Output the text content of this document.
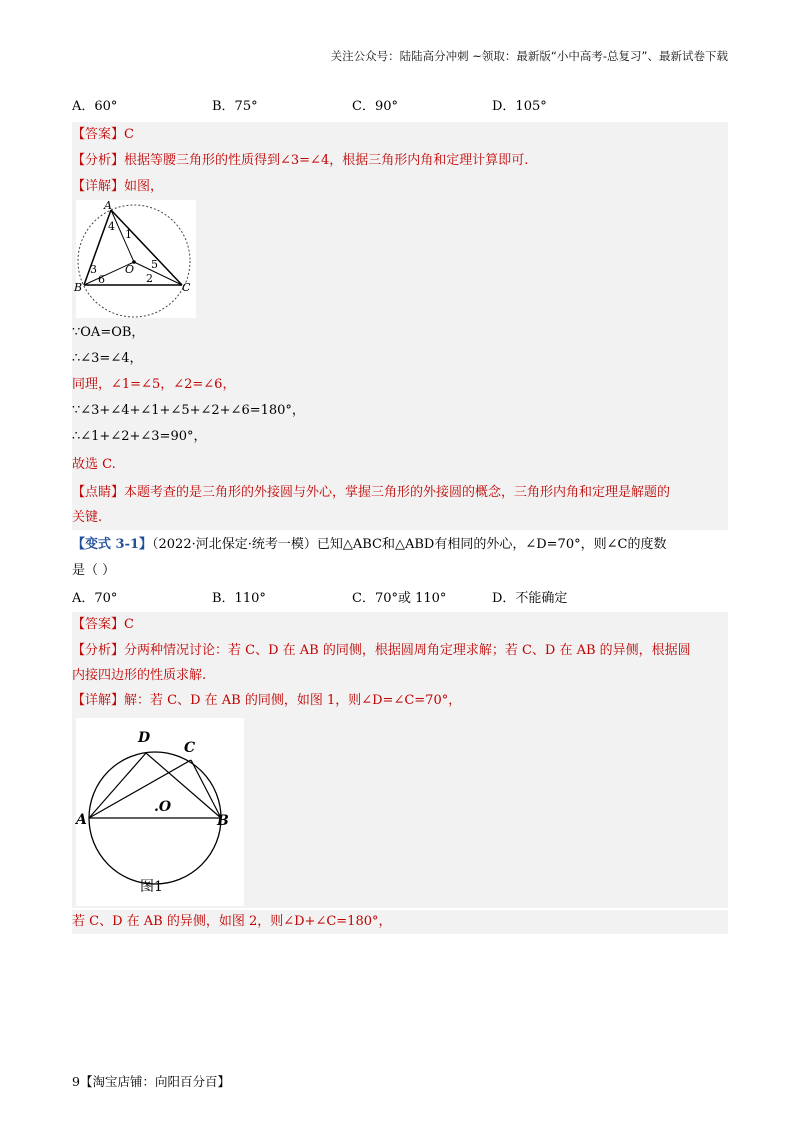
关注公众号：陆陆高分冲刺 ~领取：最新版“小中高考-总复习”、最新试卷下载
A．60°	B．75°	C．90°	D．105°
【答案】C
【分析】根据等腰三角形的性质得到∠3=∠4，根据三角形内角和定理计算即可.
【详解】如图，
A
B	C
O
1
2
3
4
5
6
∵OA=OB，
∴∠3=∠4，
同理，∠1=∠5，∠2=∠6，
∵∠3+∠4+∠1+∠5+∠2+∠6=180°，
∴∠1+∠2+∠3=90°，
故选 C.
【点睛】本题考查的是三角形的外接圆与外心，掌握三角形的外接圆的概念，三角形内角和定理是解题的
关键.
【变式 3-1】（2022·河北保定·统考一模）已知△ABC和△ABD有相同的外心，∠D=70°，则∠C的度数
是（ ）
A．70°	B．110°	C．70°或 110°	D．不能确定
【答案】C
【分析】分两种情况讨论：若 C、D 在 AB 的同侧，根据圆周角定理求解；若 C、D 在 AB 的异侧，根据圆
内接四边形的性质求解.
【详解】解：若 C、D 在 AB 的同侧，如图 1，则∠D=∠C=70°，
D
C
A	B
.O
图1
若 C、D 在 AB 的异侧，如图 2，则∠D+∠C=180°，
9【淘宝店铺：向阳百分百】
